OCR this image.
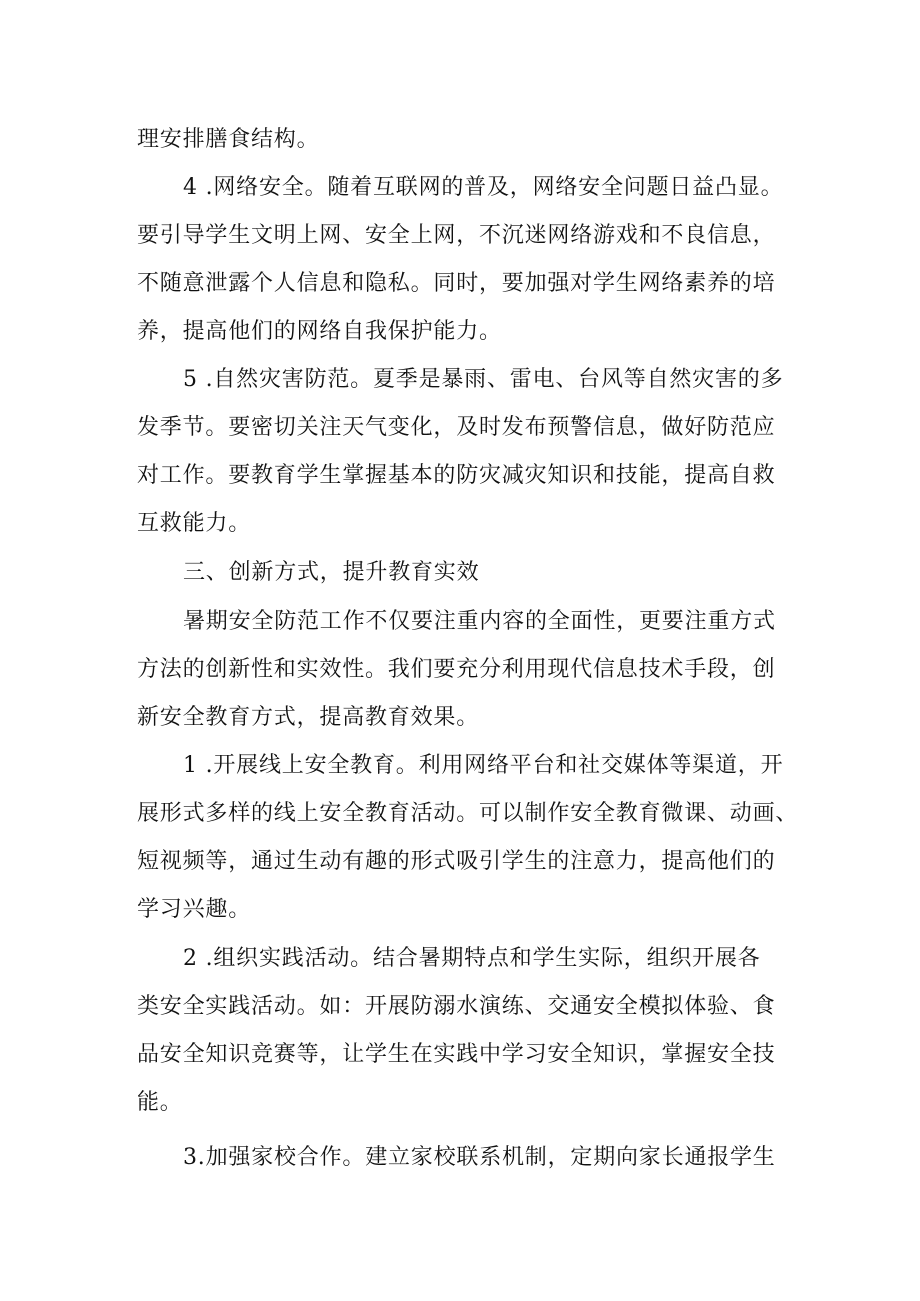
理安排膳食结构。
4 .网络安全。随着互联网的普及，网络安全问题日益凸显。
要引导学生文明上网、安全上网，不沉迷网络游戏和不良信息，
不随意泄露个人信息和隐私。同时，要加强对学生网络素养的培
养，提高他们的网络自我保护能力。
5 .自然灾害防范。夏季是暴雨、雷电、台风等自然灾害的多
发季节。要密切关注天气变化，及时发布预警信息，做好防范应
对工作。要教育学生掌握基本的防灾减灾知识和技能，提高自救
互救能力。
三、创新方式，提升教育实效
暑期安全防范工作不仅要注重内容的全面性，更要注重方式
方法的创新性和实效性。我们要充分利用现代信息技术手段，创
新安全教育方式，提高教育效果。
1 .开展线上安全教育。利用网络平台和社交媒体等渠道，开
展形式多样的线上安全教育活动。可以制作安全教育微课、动画、
短视频等，通过生动有趣的形式吸引学生的注意力，提高他们的
学习兴趣。
2 .组织实践活动。结合暑期特点和学生实际，组织开展各
类安全实践活动。如：开展防溺水演练、交通安全模拟体验、食
品安全知识竞赛等，让学生在实践中学习安全知识，掌握安全技
能。
3.加强家校合作。建立家校联系机制，定期向家长通报学生
